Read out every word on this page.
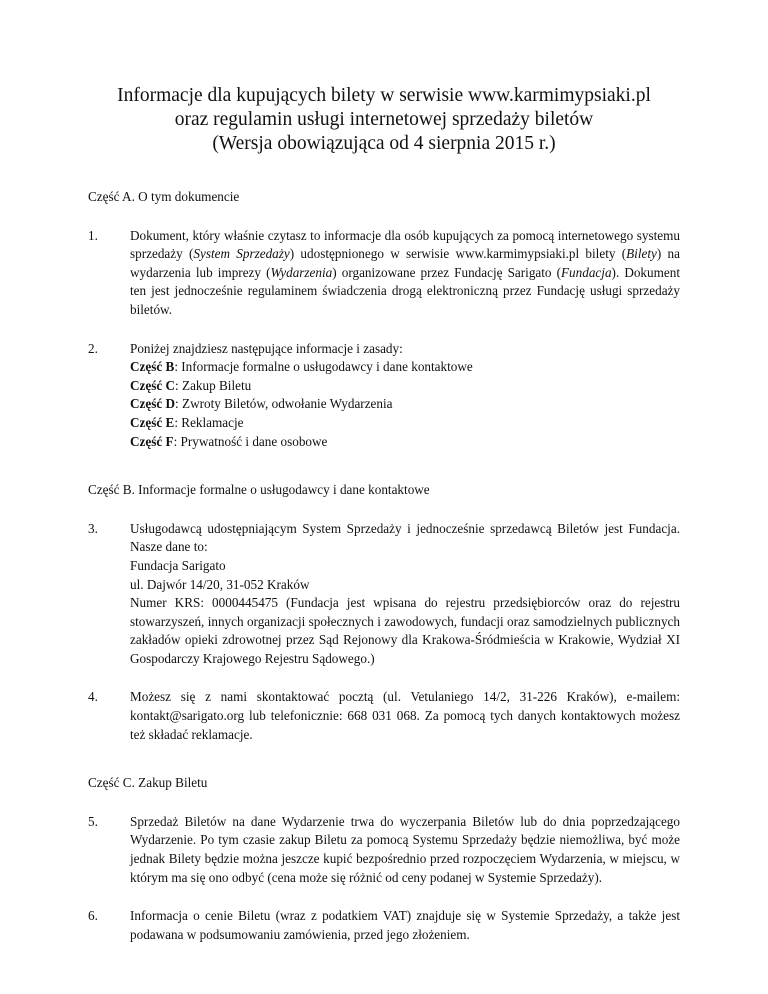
Informacje dla kupujących bilety w serwisie www.karmimypsiaki.pl
oraz regulamin usługi internetowej sprzedaży biletów
(Wersja obowiązująca od 4 sierpnia 2015 r.)

Część A. O tym dokumencie

1.	Dokument, który właśnie czytasz to informacje dla osób kupujących za pomocą internetowego systemu sprzedaży (System Sprzedaży) udostępnionego w serwisie www.karmimypsiaki.pl bilety (Bilety) na wydarzenia lub imprezy (Wydarzenia) organizowane przez Fundację Sarigato (Fundacja). Dokument ten jest jednocześnie regulaminem świadczenia drogą elektroniczną przez Fundację usługi sprzedaży biletów.
2.	Poniżej znajdziesz następujące informacje i zasady:
Część B: Informacje formalne o usługodawcy i dane kontaktowe
Część C: Zakup Biletu
Część D: Zwroty Biletów, odwołanie Wydarzenia
Część E: Reklamacje
Część F: Prywatność i dane osobowe

Część B. Informacje formalne o usługodawcy i dane kontaktowe

3.	Usługodawcą udostępniającym System Sprzedaży i jednocześnie sprzedawcą Biletów jest Fundacja. Nasze dane to:
Fundacja Sarigato
ul. Dajwór 14/20, 31-052 Kraków
Numer KRS: 0000445475 (Fundacja jest wpisana do rejestru przedsiębiorców oraz do rejestru stowarzyszeń, innych organizacji społecznych i zawodowych, fundacji oraz samodzielnych publicznych zakładów opieki zdrowotnej przez Sąd Rejonowy dla Krakowa-Śródmieścia w Krakowie, Wydział XI Gospodarczy Krajowego Rejestru Sądowego.)
4.	Możesz się z nami skontaktować pocztą (ul. Vetulaniego 14/2, 31-226 Kraków), e-mailem: kontakt@sarigato.org lub telefonicznie: 668 031 068. Za pomocą tych danych kontaktowych możesz też składać reklamacje.

Część C. Zakup Biletu

5.	Sprzedaż Biletów na dane Wydarzenie trwa do wyczerpania Biletów lub do dnia poprzedzającego Wydarzenie. Po tym czasie zakup Biletu za pomocą Systemu Sprzedaży będzie niemożliwa, być może jednak Bilety będzie można jeszcze kupić bezpośrednio przed rozpoczęciem Wydarzenia, w miejscu, w którym ma się ono odbyć (cena może się różnić od ceny podanej w Systemie Sprzedaży).
6.	Informacja o cenie Biletu (wraz z podatkiem VAT) znajduje się w Systemie Sprzedaży, a także jest podawana w podsumowaniu zamówienia, przed jego złożeniem.
